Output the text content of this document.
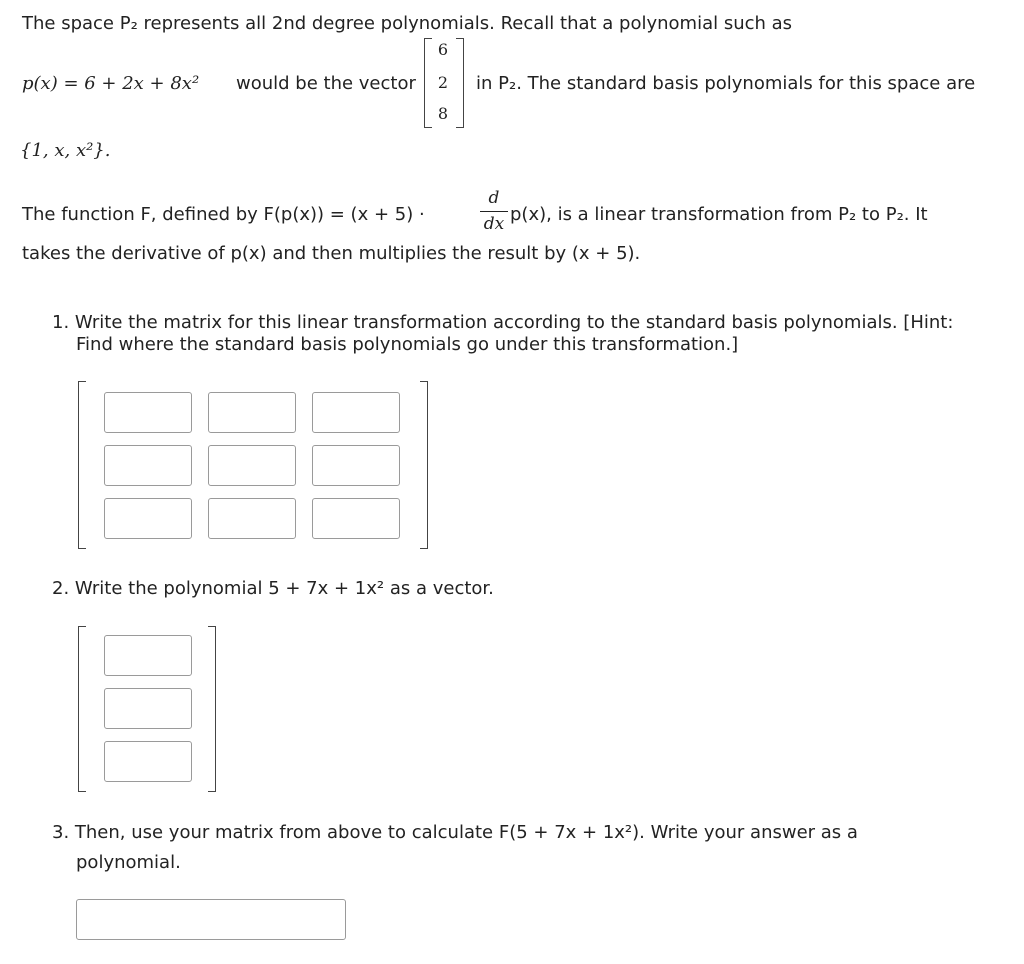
The space P₂ represents all 2nd degree polynomials. Recall that a polynomial such as
p(x) = 6 + 2x + 8x² would be the vector
6
2
8
in P₂. The standard basis polynomials for this space are
{1, x, x²}.
The function F, defined by F(p(x)) = (x + 5) ·
d
dx p(x), is a linear transformation from P₂ to P₂. It
takes the derivative of p(x) and then multiplies the result by (x + 5).
1. Write the matrix for this linear transformation according to the standard basis polynomials. [Hint:
Find where the standard basis polynomials go under this transformation.]
2. Write the polynomial 5 + 7x + 1x² as a vector.
3. Then, use your matrix from above to calculate F(5 + 7x + 1x²). Write your answer as a
polynomial.
